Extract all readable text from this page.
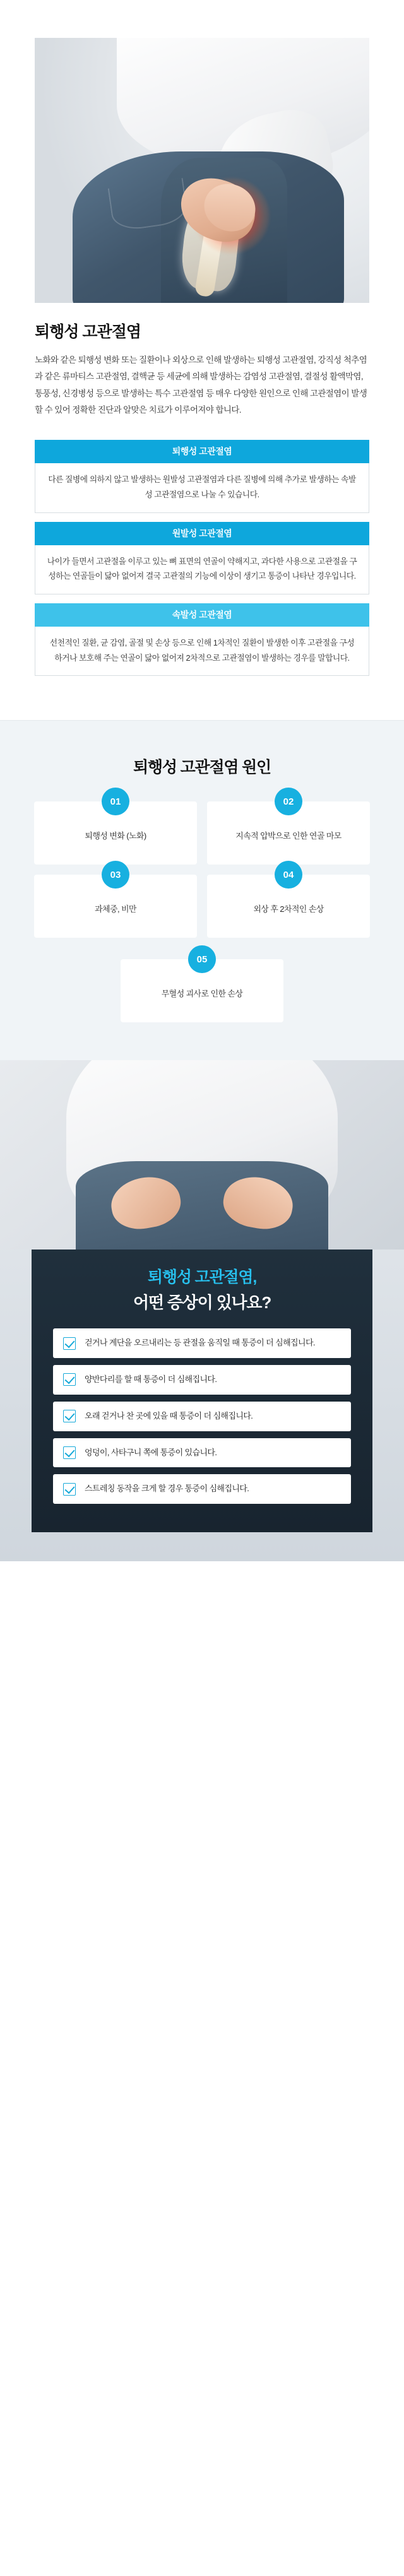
퇴행성 고관절염

노화와 같은 퇴행성 변화 또는 질환이나 외상으로 인해 발생하는 퇴행성 고관절염, 강직성 척추염과 같은 류마티스 고관절염, 결핵균 등 세균에 의해 발생하는 감염성 고관절염, 결절성 활액막염, 통풍성, 신경병성 등으로 발생하는 특수 고관절염 등 매우 다양한 원인으로 인해 고관절염이 발생할 수 있어 정확한 진단과 알맞은 치료가 이루어져야 합니다.

퇴행성 고관절염
다른 질병에 의하지 않고 발생하는 원발성 고관절염과 다른 질병에 의해 추가로 발생하는 속발성 고관절염으로 나눌 수 있습니다.
원발성 고관절염
나이가 들면서 고관절을 이루고 있는 뼈 표면의 연골이 약해지고, 과다한 사용으로 고관절을 구성하는 연골들이 닳아 없어져 결국 고관절의 기능에 이상이 생기고 통증이 나타난 경우입니다.
속발성 고관절염
선천적인 질환, 균 감염, 골절 및 손상 등으로 인해 1차적인 질환이 발생한 이후 고관절을 구성하거나 보호해 주는 연골이 닳아 없어져 2차적으로 고관절염이 발생하는 경우를 말합니다.
퇴행성 고관절염 원인
01
퇴행성 변화 (노화)
02
지속적 압박으로 인한 연골 마모
03
과체중, 비만
04
외상 후 2차적인 손상
05
무혈성 괴사로 인한 손상
퇴행성 고관절염,
어떤 증상이 있나요?
걷거나 계단을 오르내리는 등 관절을 움직일 때 통증이 더 심해집니다.
양반다리를 할 때 통증이 더 심해집니다.
오래 걷거나 찬 곳에 있을 때 통증이 더 심해집니다.
엉덩이, 사타구니 쪽에 통증이 있습니다.
스트레칭 동작을 크게 할 경우 통증이 심해집니다.
